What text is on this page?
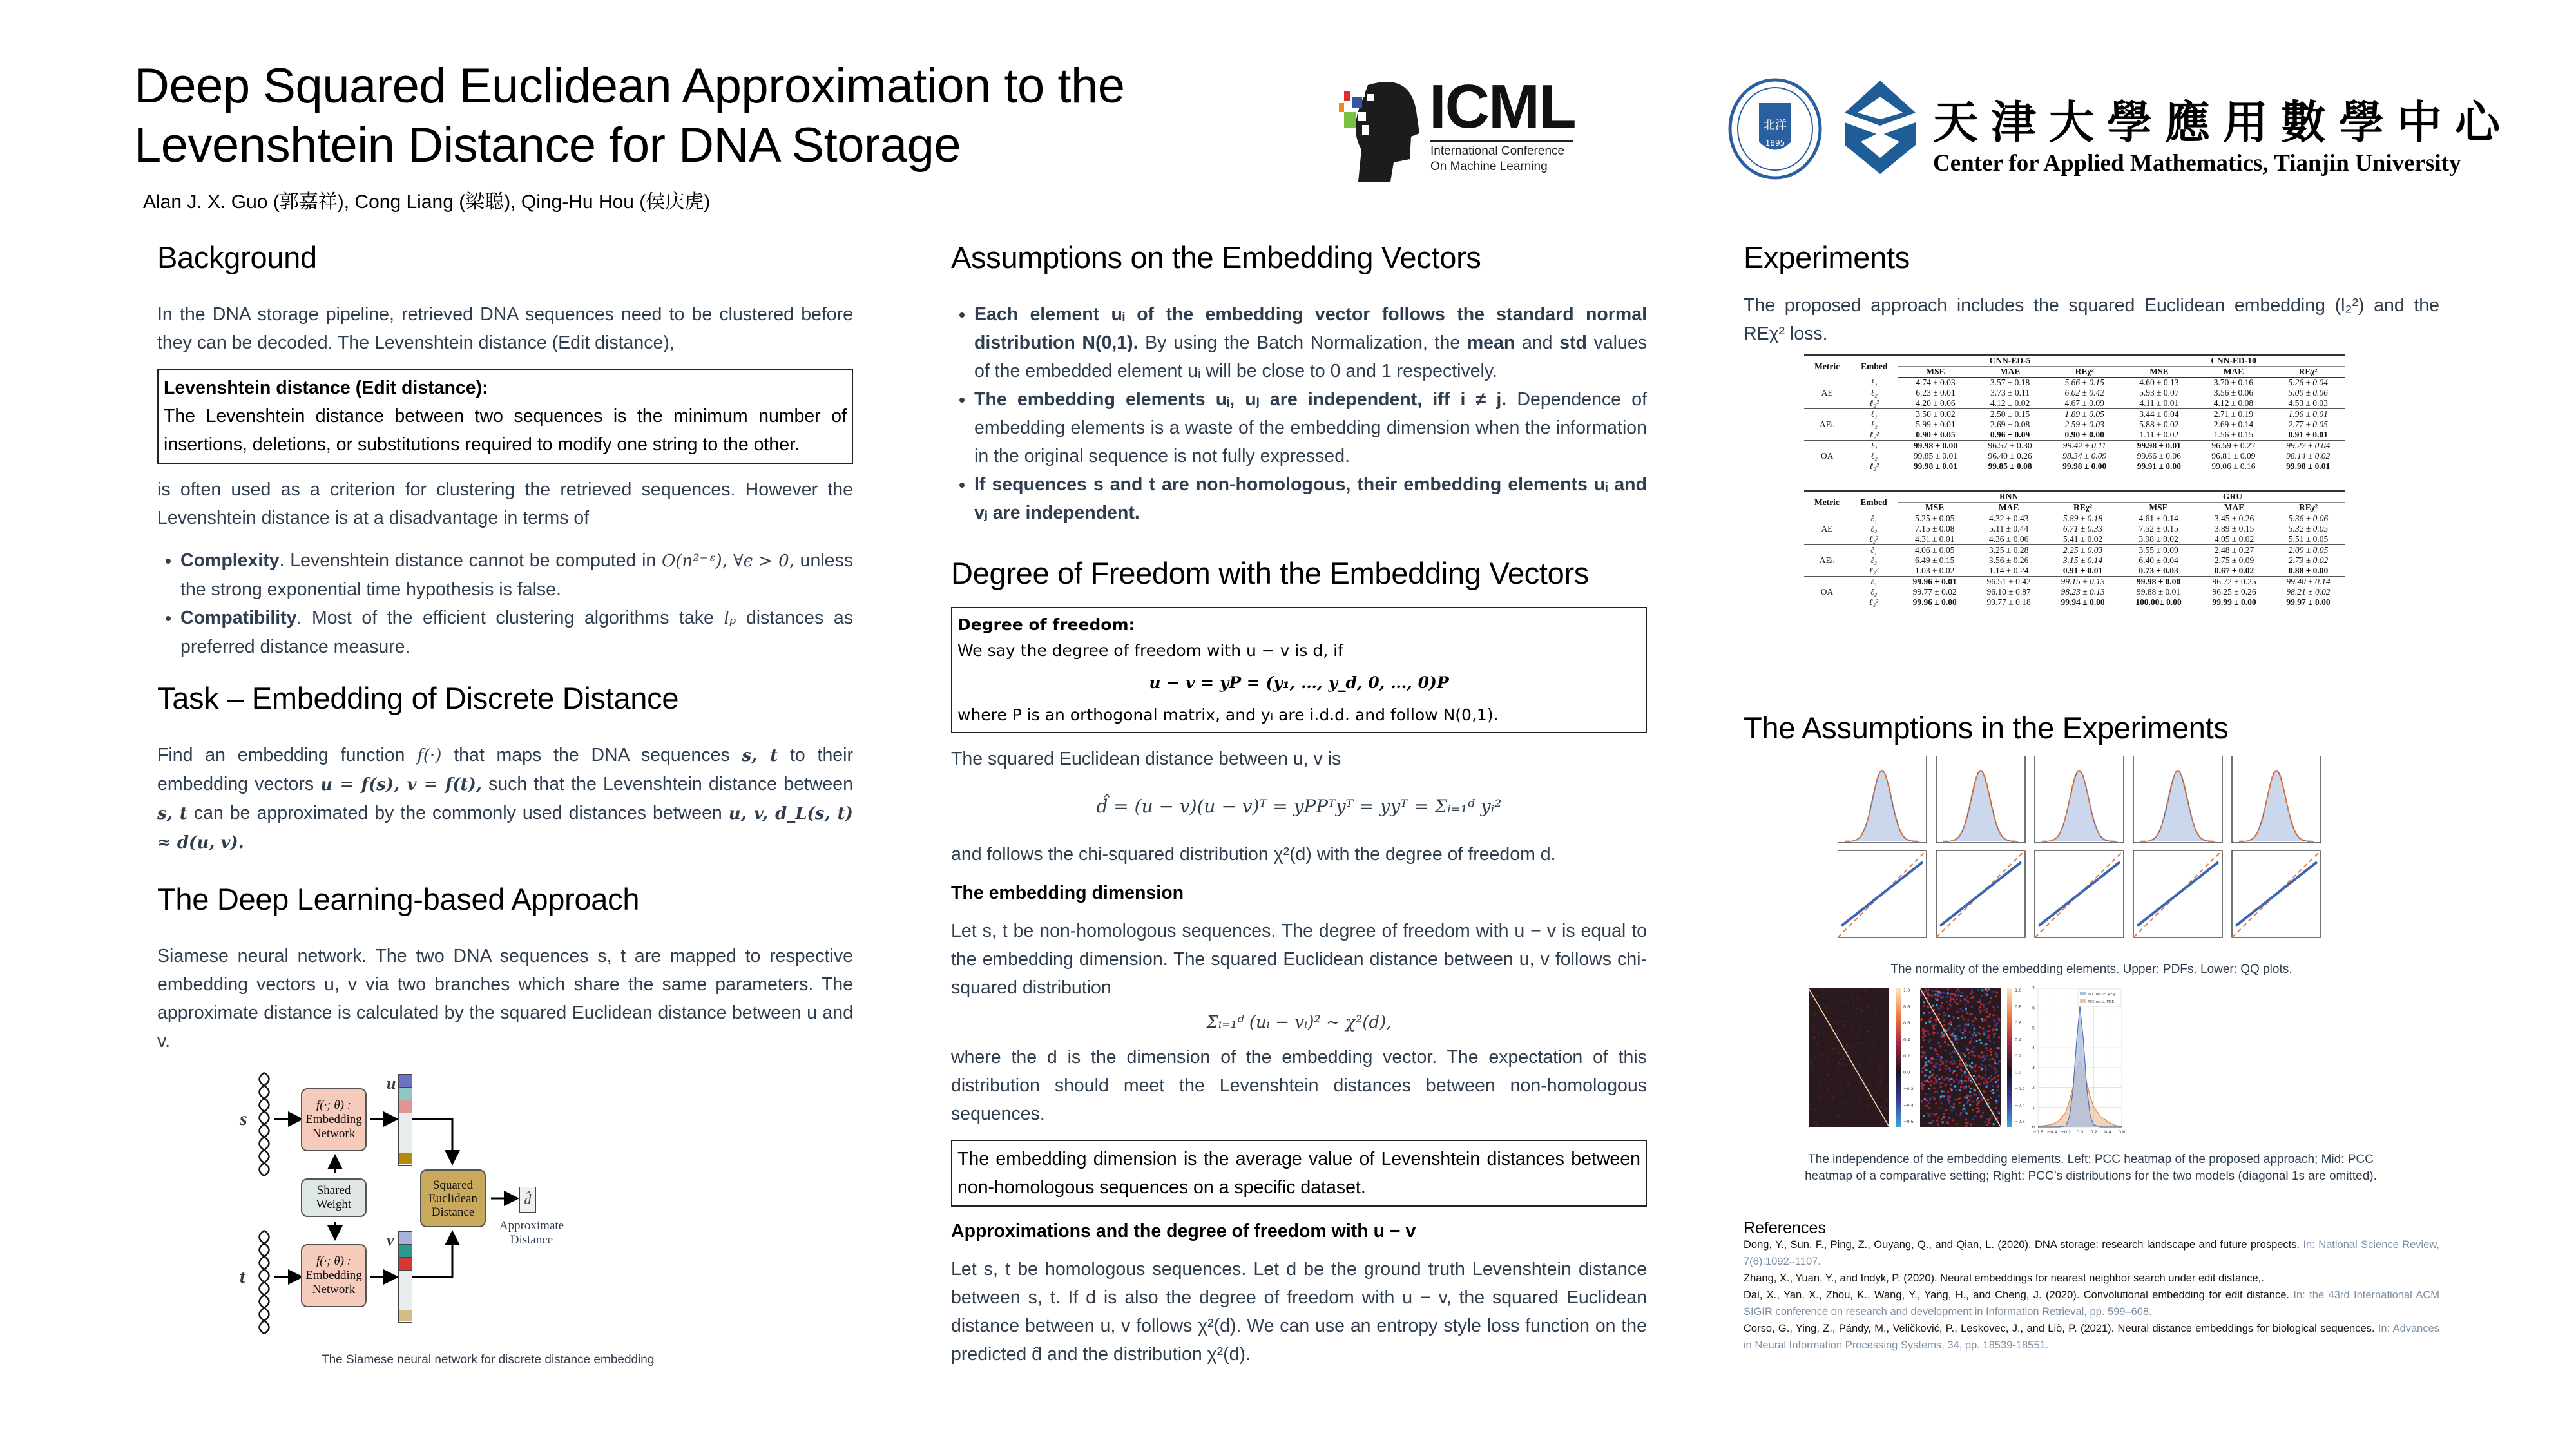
Deep Squared Euclidean Approximation to the
Levenshtein Distance for DNA Storage
Alan J. X. Guo (郭嘉祥), Cong Liang (梁聪), Qing-Hu Hou (侯庆虎)
ICML
International Conference
On Machine Learning
北洋
1895	天津大學應用數學中心
Center for Applied Mathematics, Tianjin University
Background

In the DNA storage pipeline, retrieved DNA sequences need to be clustered before they can be decoded. The Levenshtein distance (Edit distance),

Levenshtein distance (Edit distance):

The Levenshtein distance between two sequences is the minimum number of insertions, deletions, or substitutions required to modify one string to the other.

is often used as a criterion for clustering the retrieved sequences. However the Levenshtein distance is at a disadvantage in terms of

• Complexity. Levenshtein distance cannot be computed in O(n²⁻ᵋ), ∀ϵ > 0, unless the strong exponential time hypothesis is false.
• Compatibility. Most of the efficient clustering algorithms take lₚ distances as preferred distance measure.
Task – Embedding of Discrete Distance

Find an embedding function f(·) that maps the DNA sequences s, t to their embedding vectors u = f(s), v = f(t), such that the Levenshtein distance between s, t can be approximated by the commonly used distances between u, v, d_L(s, t) ≈ d(u, v).

The Deep Learning-based Approach

Siamese neural network. The two DNA sequences s, t are mapped to respective embedding vectors u, v via two branches which share the same parameters. The approximate distance is calculated by the squared Euclidean distance between u and v.

s
t
f(·; θ) :
Embedding
Network
Shared
Weight
f(·; θ) :
Embedding
Network
u
v
Squared
Euclidean
Distance
d̂
Approximate
Distance
The Siamese neural network for discrete distance embedding
Assumptions on the Embedding Vectors
• Each element uᵢ of the embedding vector follows the standard normal distribution N(0,1). By using the Batch Normalization, the mean and std values of the embedded element uᵢ will be close to 0 and 1 respectively.
• The embedding elements uᵢ, uⱼ are independent, iff i ≠ j. Dependence of embedding elements is a waste of the embedding dimension when the information in the original sequence is not fully expressed.
• If sequences s and t are non-homologous, their embedding elements uᵢ and vⱼ are independent.
Degree of Freedom with the Embedding Vectors

Degree of freedom:

We say the degree of freedom with u − v is d, if

u − v = yP = (y₁, …, y_d, 0, …, 0)P

where P is an orthogonal matrix, and yᵢ are i.d.d. and follow N(0,1).

The squared Euclidean distance between u, v is

d̂ = (u − v)(u − v)ᵀ = yPPᵀyᵀ = yyᵀ = Σᵢ₌₁ᵈ yᵢ²

and follows the chi-squared distribution χ²(d) with the degree of freedom d.

The embedding dimension

Let s, t be non-homologous sequences. The degree of freedom with u − v is equal to the embedding dimension. The squared Euclidean distance between u, v follows chi-squared distribution

Σᵢ₌₁ᵈ (uᵢ − vᵢ)² ~ χ²(d),

where the d is the dimension of the embedding vector. The expectation of this distribution should meet the Levenshtein distances between non-homologous sequences.

The embedding dimension is the average value of Levenshtein distances between non-homologous sequences on a specific dataset.

Approximations and the degree of freedom with u − v

Let s, t be homologous sequences. Let d be the ground truth Levenshtein distance between s, t. If d is also the degree of freedom with u − v, the squared Euclidean distance between u, v follows χ²(d). We can use an entropy style loss function on the predicted d̂ and the distribution χ²(d).

Experiments

The proposed approach includes the squared Euclidean embedding (l₂²) and the REχ² loss.

Metric	Embed	CNN-ED-5			CNN-ED-10		
		MSE	MAE	REχ²	MSE	MAE	REχ²
AE	ℓ₁	4.74 ± 0.03	3.57 ± 0.18	5.66 ± 0.15	4.60 ± 0.13	3.70 ± 0.16	5.26 ± 0.04
	ℓ₂	6.23 ± 0.01	3.73 ± 0.11	6.02 ± 0.42	5.93 ± 0.07	3.56 ± 0.06	5.00 ± 0.06
	ℓ₂²	4.20 ± 0.06	4.12 ± 0.02	4.67 ± 0.09	4.11 ± 0.01	4.12 ± 0.08	4.53 ± 0.03
AEₕ	ℓ₁	3.50 ± 0.02	2.50 ± 0.15	1.89 ± 0.05	3.44 ± 0.04	2.71 ± 0.19	1.96 ± 0.01
	ℓ₂	5.99 ± 0.01	2.69 ± 0.08	2.59 ± 0.03	5.88 ± 0.02	2.69 ± 0.14	2.77 ± 0.05
	ℓ₂²	0.90 ± 0.05	0.96 ± 0.09	0.90 ± 0.00	1.11 ± 0.02	1.56 ± 0.15	0.91 ± 0.01
OA	ℓ₁	99.98 ± 0.00	96.57 ± 0.30	99.42 ± 0.11	99.98 ± 0.01	96.59 ± 0.27	99.27 ± 0.04
	ℓ₂	99.85 ± 0.01	96.40 ± 0.26	98.34 ± 0.09	99.66 ± 0.06	96.81 ± 0.09	98.14 ± 0.02
	ℓ₂²	99.98 ± 0.01	99.85 ± 0.08	99.98 ± 0.00	99.91 ± 0.00	99.06 ± 0.16	99.98 ± 0.01
Metric	Embed	RNN			GRU		
		MSE	MAE	REχ²	MSE	MAE	REχ²
AE	ℓ₁	5.25 ± 0.05	4.32 ± 0.43	5.89 ± 0.18	4.61 ± 0.14	3.45 ± 0.26	5.36 ± 0.06
	ℓ₂	7.15 ± 0.08	5.11 ± 0.44	6.71 ± 0.33	7.52 ± 0.15	3.89 ± 0.15	5.32 ± 0.05
	ℓ₂²	4.31 ± 0.01	4.36 ± 0.06	5.41 ± 0.02	3.98 ± 0.02	4.05 ± 0.02	5.51 ± 0.05
AEₕ	ℓ₁	4.06 ± 0.05	3.25 ± 0.28	2.25 ± 0.03	3.55 ± 0.09	2.48 ± 0.27	2.09 ± 0.05
	ℓ₂	6.49 ± 0.15	3.56 ± 0.26	3.15 ± 0.14	6.40 ± 0.04	2.75 ± 0.09	2.73 ± 0.02
	ℓ₂²	1.03 ± 0.02	1.14 ± 0.24	0.91 ± 0.01	0.73 ± 0.03	0.67 ± 0.02	0.88 ± 0.00
OA	ℓ₁	99.96 ± 0.01	96.51 ± 0.42	99.15 ± 0.13	99.98 ± 0.00	96.72 ± 0.25	99.40 ± 0.14
	ℓ₂	99.77 ± 0.02	96.10 ± 0.87	98.23 ± 0.13	99.88 ± 0.01	96.25 ± 0.26	98.21 ± 0.02
	ℓ₂²	99.96 ± 0.00	99.77 ± 0.18	99.94 ± 0.00	100.00± 0.00	99.99 ± 0.00	99.97 ± 0.00
The Assumptions in the Experiments
The normality of the embedding elements. Upper: PDFs. Lower: QQ plots.
1.0
0.8
0.6
0.4
0.2
0.0
−0.2
−0.4
−0.6
1.0
0.8
0.6
0.4
0.2
0.0
−0.2
−0.4
−0.6
−0.6 −0.4 −0.2 0.0 0.2 0.4 0.6
0
1
2
3
4
5
6
7
PCC on ℓ₂², REχ²
PCC on ℓ₂, MSE
The independence of the embedding elements. Left: PCC heatmap of the proposed approach; Mid: PCC heatmap of a comparative setting; Right: PCC’s distributions for the two models (diagonal 1s are omitted).
References

Dong, Y., Sun, F., Ping, Z., Ouyang, Q., and Qian, L. (2020). DNA storage: research landscape and future prospects. In: National Science Review, 7(6):1092–1107.

Zhang, X., Yuan, Y., and Indyk, P. (2020). Neural embeddings for nearest neighbor search under edit distance,.

Dai, X., Yan, X., Zhou, K., Wang, Y., Yang, H., and Cheng, J. (2020). Convolutional embedding for edit distance. In: the 43rd International ACM SIGIR conference on research and development in Information Retrieval, pp. 599–608.

Corso, G., Ying, Z., Pándy, M., Veličković, P., Leskovec, J., and Liò, P. (2021). Neural distance embeddings for biological sequences. In: Advances in Neural Information Processing Systems, 34, pp. 18539-18551.
